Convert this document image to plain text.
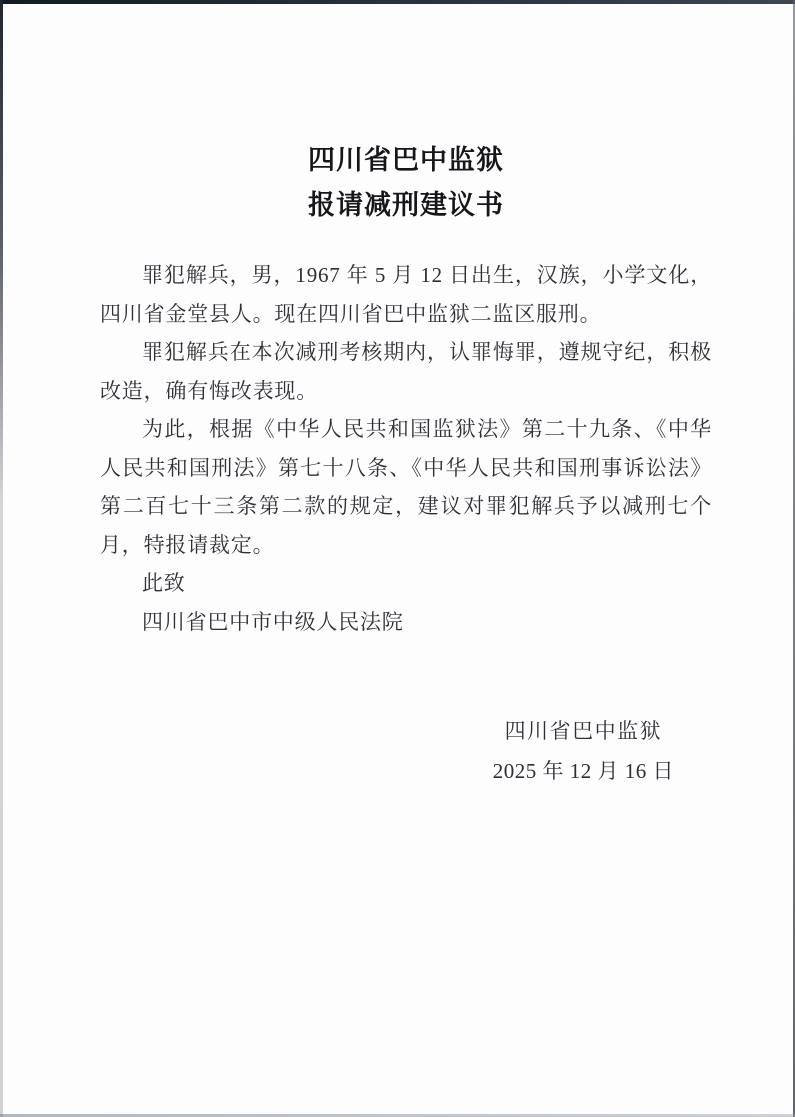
四川省巴中监狱
报请减刑建议书

罪犯解兵，男，1967 年 5 月 12 日出生，汉族，小学文化，四川省金堂县人。现在四川省巴中监狱二监区服刑。

罪犯解兵在本次减刑考核期内，认罪悔罪，遵规守纪，积极改造，确有悔改表现。

为此，根据《中华人民共和国监狱法》第二十九条、《中华人民共和国刑法》第七十八条、《中华人民共和国刑事诉讼法》第二百七十三条第二款的规定，建议对罪犯解兵予以减刑七个月，特报请裁定。

此致

四川省巴中市中级人民法院

四川省巴中监狱
2025 年 12 月 16 日
